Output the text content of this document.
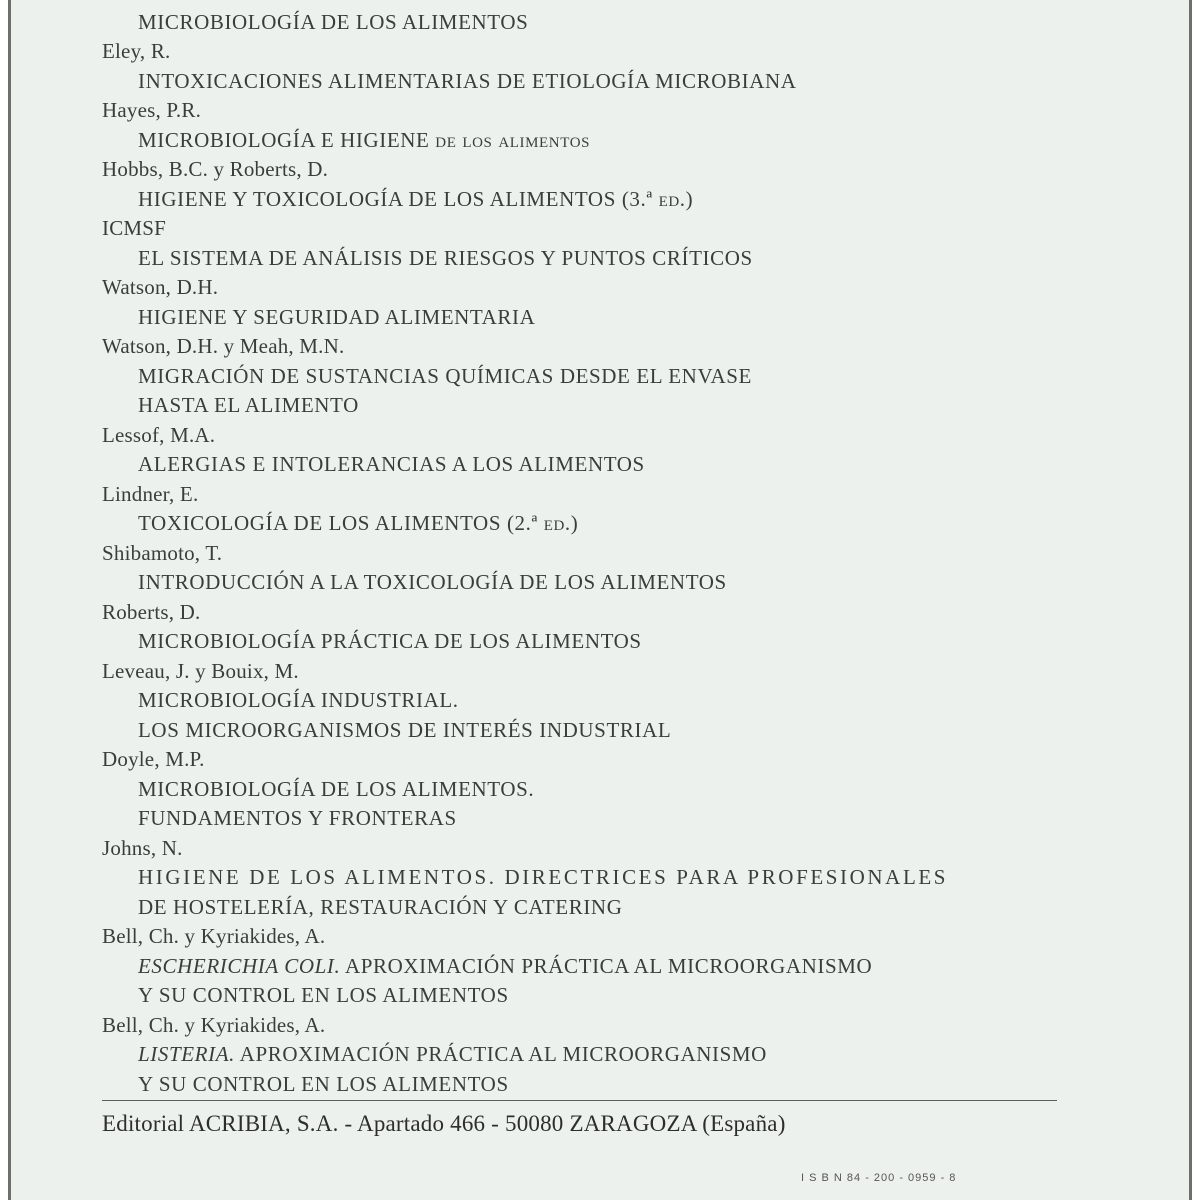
MICROBIOLOGÍA DE LOS ALIMENTOS
Eley, R.
INTOXICACIONES ALIMENTARIAS DE ETIOLOGÍA MICROBIANA
Hayes, P.R.
MICROBIOLOGÍA E HIGIENE de los alimentos
Hobbs, B.C. y Roberts, D.
HIGIENE Y TOXICOLOGÍA DE LOS ALIMENTOS (3.ª ed.)
ICMSF
EL SISTEMA DE ANÁLISIS DE RIESGOS Y PUNTOS CRÍTICOS
Watson, D.H.
HIGIENE Y SEGURIDAD ALIMENTARIA
Watson, D.H. y Meah, M.N.
MIGRACIÓN DE SUSTANCIAS QUÍMICAS DESDE EL ENVASE
HASTA EL ALIMENTO
Lessof, M.A.
ALERGIAS E INTOLERANCIAS A LOS ALIMENTOS
Lindner, E.
TOXICOLOGÍA DE LOS ALIMENTOS (2.ª ed.)
Shibamoto, T.
INTRODUCCIÓN A LA TOXICOLOGÍA DE LOS ALIMENTOS
Roberts, D.
MICROBIOLOGÍA PRÁCTICA DE LOS ALIMENTOS
Leveau, J. y Bouix, M.
MICROBIOLOGÍA INDUSTRIAL.
LOS MICROORGANISMOS DE INTERÉS INDUSTRIAL
Doyle, M.P.
MICROBIOLOGÍA DE LOS ALIMENTOS.
FUNDAMENTOS Y FRONTERAS
Johns, N.
HIGIENE DE LOS ALIMENTOS. DIRECTRICES PARA PROFESIONALES
DE HOSTELERÍA, RESTAURACIÓN Y CATERING
Bell, Ch. y Kyriakides, A.
ESCHERICHIA COLI. APROXIMACIÓN PRÁCTICA AL MICROORGANISMO
Y SU CONTROL EN LOS ALIMENTOS
Bell, Ch. y Kyriakides, A.
LISTERIA. APROXIMACIÓN PRÁCTICA AL MICROORGANISMO
Y SU CONTROL EN LOS ALIMENTOS
Editorial ACRIBIA, S.A. - Apartado 466 - 50080 ZARAGOZA (España)
I S B N 84 - 200 - 0959 - 8
